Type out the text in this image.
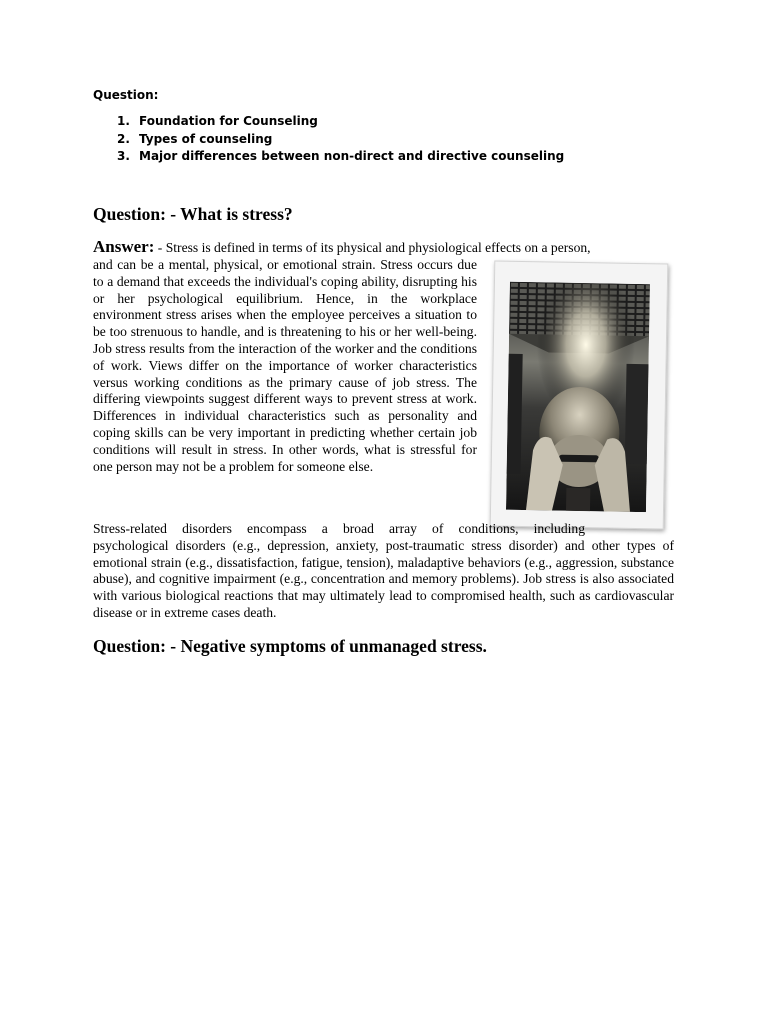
Question:
1. Foundation for Counseling
2. Types of counseling
3. Major differences between non-direct and directive counseling
Question: - What is stress?
Answer: - Stress is defined in terms of its physical and physiological effects on a person,
and can be a mental, physical, or emotional strain. Stress occurs due to a demand that exceeds the individual's coping ability, disrupting his or her psychological equilibrium. Hence, in the workplace environment stress arises when the employee perceives a situation to be too strenuous to handle, and is threatening to his or her well-being. Job stress results from the interaction of the worker and the conditions of work. Views differ on the importance of worker characteristics versus working conditions as the primary cause of job stress. The differing viewpoints suggest different ways to prevent stress at work. Differences in individual characteristics such as personality and coping skills can be very important in predicting whether certain job conditions will result in stress. In other words, what is stressful for one person may not be a problem for someone else.
Stress-related disorders encompass a broad array of conditions, including
psychological disorders (e.g., depression, anxiety, post-traumatic stress disorder) and other types of emotional strain (e.g., dissatisfaction, fatigue, tension), maladaptive behaviors (e.g., aggression, substance abuse), and cognitive impairment (e.g., concentration and memory problems). Job stress is also associated with various biological reactions that may ultimately lead to compromised health, such as cardiovascular disease or in extreme cases death.
Question: - Negative symptoms of unmanaged stress.
